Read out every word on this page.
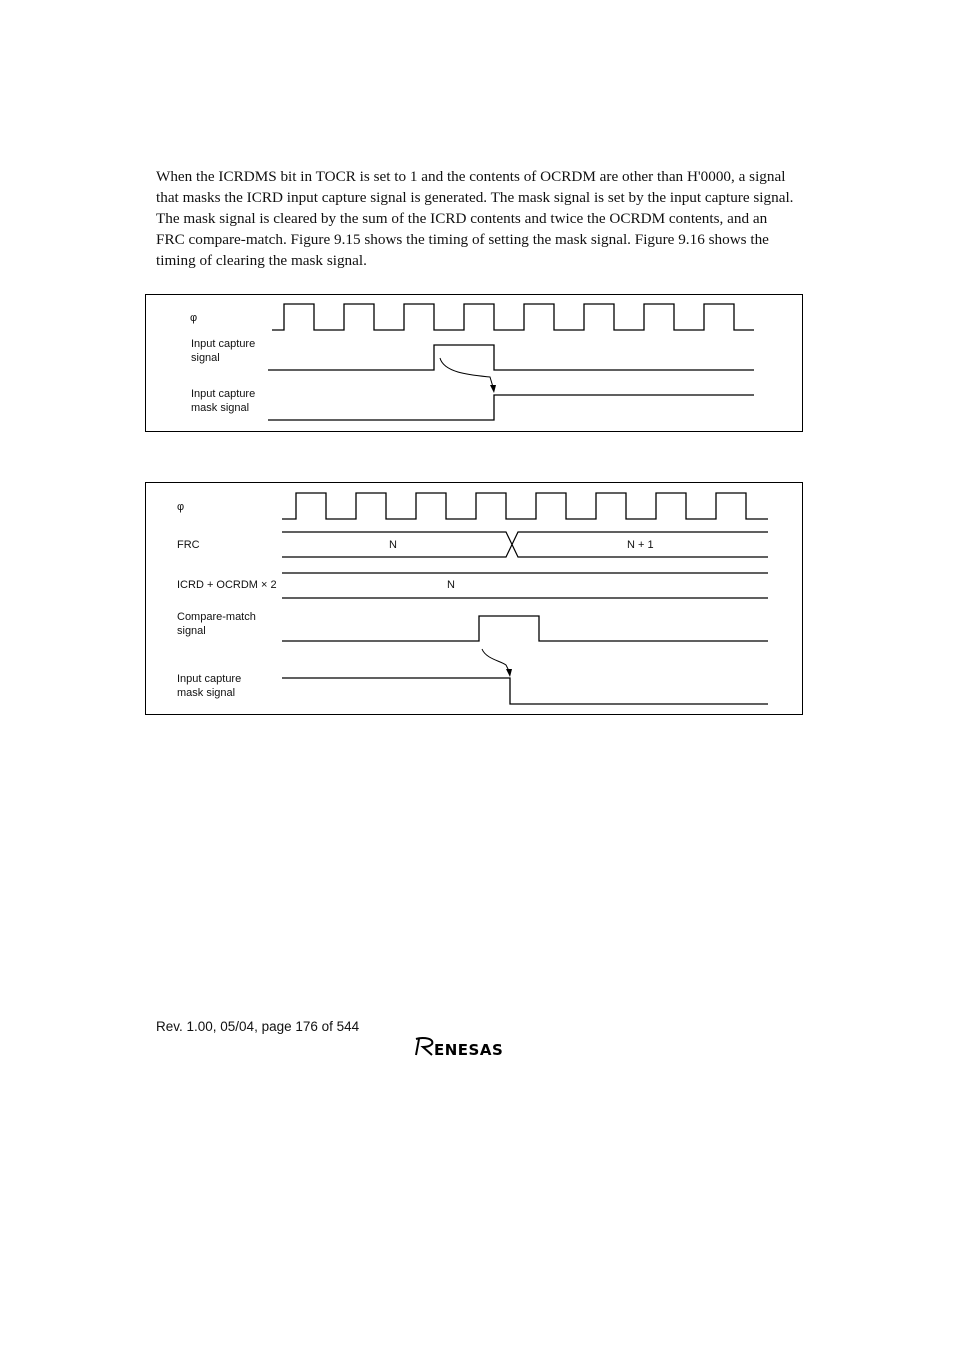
When the ICRDMS bit in TOCR is set to 1 and the contents of OCRDM are other than H'0000, a signal that masks the ICRD input capture signal is generated. The mask signal is set by the input capture signal. The mask signal is cleared by the sum of the ICRD contents and twice the OCRDM contents, and an FRC compare-match. Figure 9.15 shows the timing of setting the mask signal. Figure 9.16 shows the timing of clearing the mask signal.

φ
Input capture
signal
Input capture
mask signal
φ
FRC
ICRD + OCRDM × 2
Compare-match
signal
Input capture
mask signal
N	N + 1
N
Rev. 1.00, 05/04, page 176 of 544
ENESAS
